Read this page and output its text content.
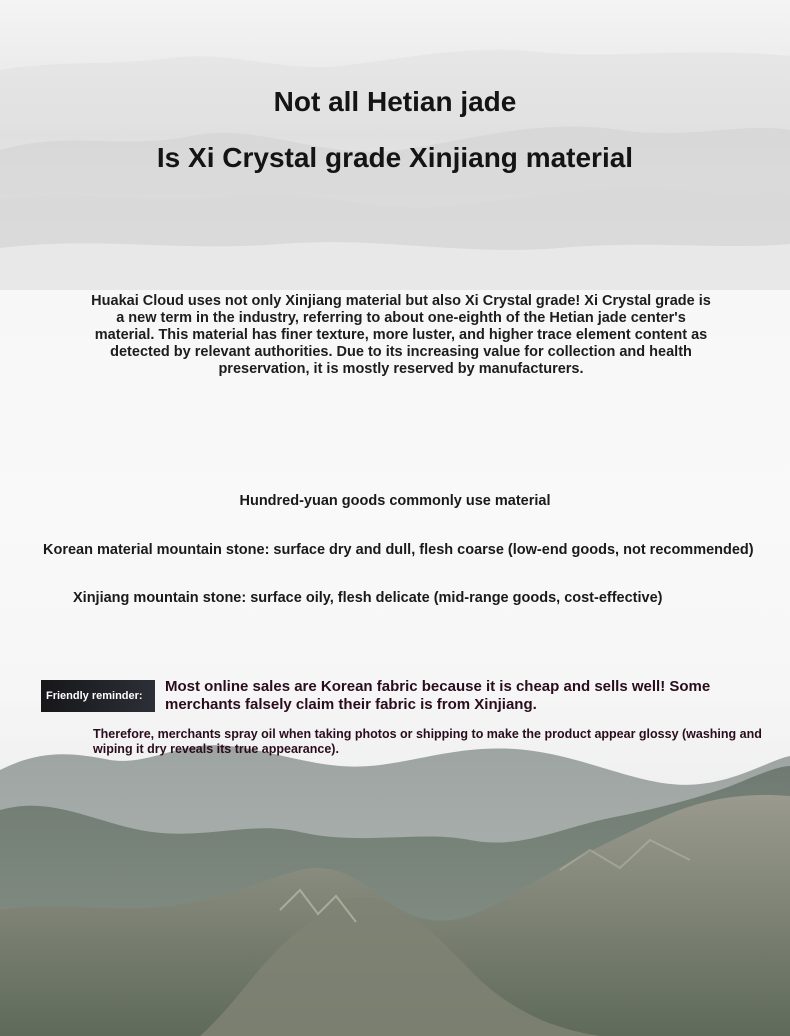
Not all Hetian jade
Is Xi Crystal grade Xinjiang material

Huakai Cloud uses not only Xinjiang material but also Xi Crystal grade! Xi Crystal grade is a new term in the industry, referring to about one-eighth of the Hetian jade center's material. This material has finer texture, more luster, and higher trace element content as detected by relevant authorities. Due to its increasing value for collection and health preservation, it is mostly reserved by manufacturers.

Hundred-yuan goods commonly use material
Korean material mountain stone: surface dry and dull, flesh coarse (low-end goods, not recommended)
Xinjiang mountain stone: surface oily, flesh delicate (mid-range goods, cost-effective)
Friendly reminder:
Most online sales are Korean fabric because it is cheap and sells well! Some merchants falsely claim their fabric is from Xinjiang.
Therefore, merchants spray oil when taking photos or shipping to make the product appear glossy (washing and wiping it dry reveals its true appearance).
